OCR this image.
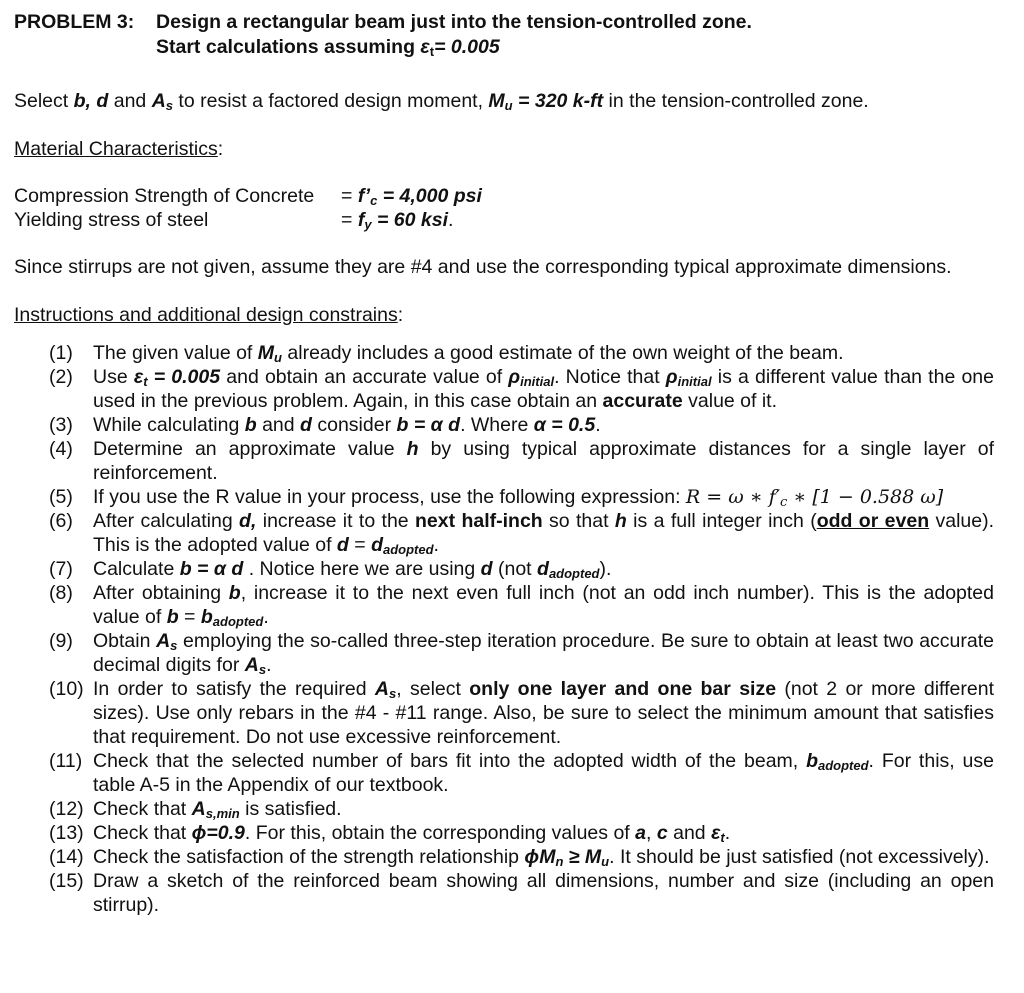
PROBLEM 3:	Design a rectangular beam just into the tension-controlled zone.
Start calculations assuming $\varepsilon_t= 0.005$

Select b, d and $A_s$ to resist a factored design moment, $M_u = 320$ k-ft in the tension-controlled zone.

Material Characteristics:

Compression Strength of Concrete	= $f’_c = 4,000$ psi
Yielding stress of steel	= $f_y = 60$ ksi.

Since stirrups are not given, assume they are #4 and use the corresponding typical approximate dimensions.

Instructions and additional design constrains:

(1) The given value of $M_u$ already includes a good estimate of the own weight of the beam.

(2) Use $\varepsilon_t = 0.005$ and obtain an accurate value of $\rho_{initial}$. Notice that $\rho_{initial}$ is a different value than the one used in the previous problem. Again, in this case obtain an accurate value of it.

(3) While calculating b and d consider b = α d. Where α = 0.5.

(4) Determine an approximate value h by using typical approximate distances for a single layer of reinforcement.

(5) If you use the R value in your process, use the following expression: R = ω ∗ $f'_c$ ∗ [1 − 0.588 ω]

(6) After calculating d, increase it to the next half-inch so that h is a full integer inch (odd or even value). This is the adopted value of $d = d_{adopted}$.

(7) Calculate b = α d . Notice here we are using d (not $d_{adopted}$).

(8) After obtaining b, increase it to the next even full inch (not an odd inch number). This is the adopted value of $b = b_{adopted}$.

(9) Obtain $A_s$ employing the so-called three-step iteration procedure. Be sure to obtain at least two accurate decimal digits for $A_s$.

(10) In order to satisfy the required $A_s$, select only one layer and one bar size (not 2 or more different sizes). Use only rebars in the #4 - #11 range. Also, be sure to select the minimum amount that satisfies that requirement. Do not use excessive reinforcement.

(11) Check that the selected number of bars fit into the adopted width of the beam, $b_{adopted}$. For this, use table A-5 in the Appendix of our textbook.

(12) Check that $A_{s,min}$ is satisfied.

(13) Check that ϕ=0.9. For this, obtain the corresponding values of a, c and $\varepsilon_t$.

(14) Check the satisfaction of the strength relationship $\phi M_n \ge M_u$. It should be just satisfied (not excessively).

(15) Draw a sketch of the reinforced beam showing all dimensions, number and size (including an open stirrup).
